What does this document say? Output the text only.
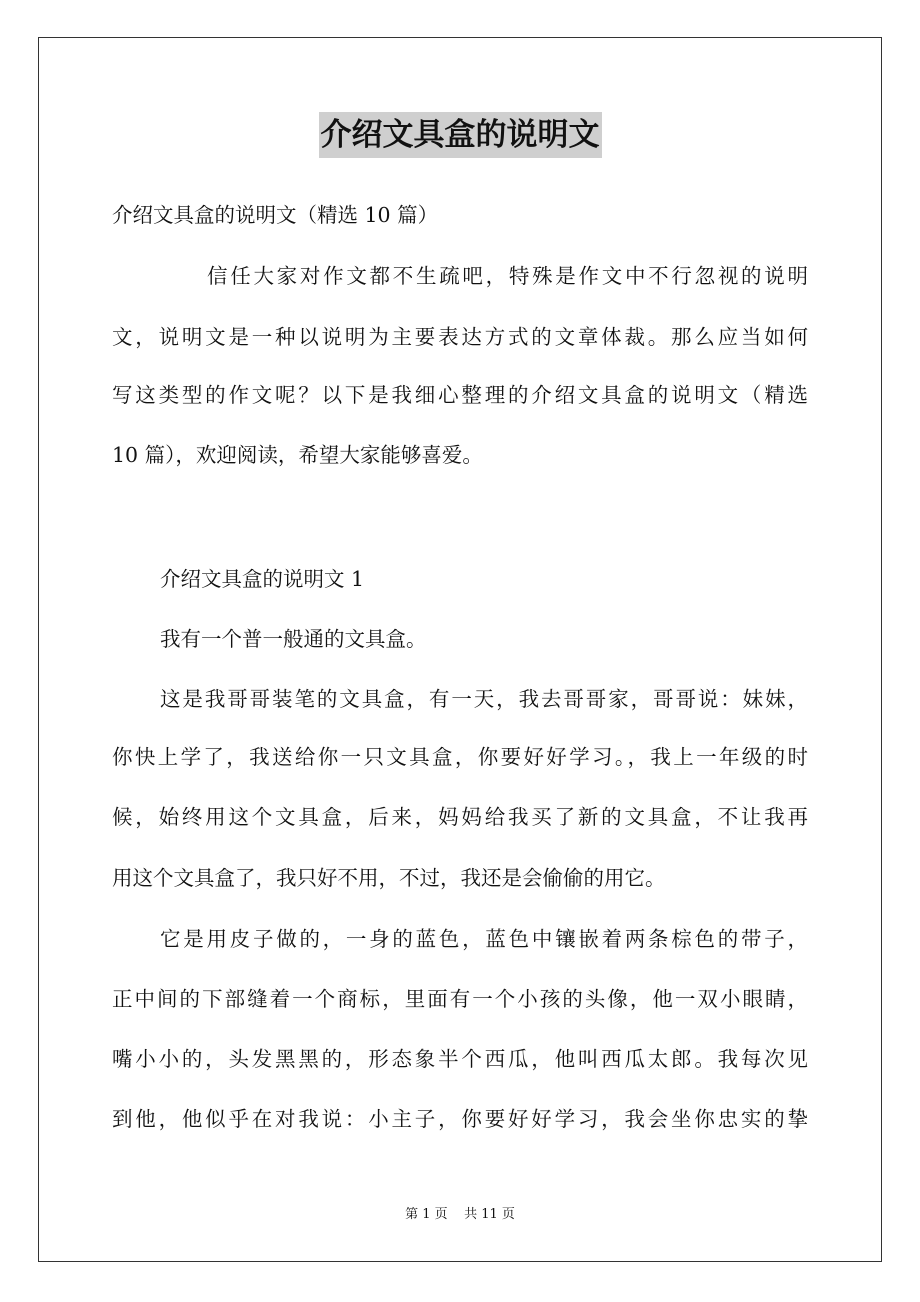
介绍文具盒的说明文
介绍文具盒的说明文（精选 10 篇）
信任大家对作文都不生疏吧，特殊是作文中不行忽视的说明
文，说明文是一种以说明为主要表达方式的文章体裁。那么应当如何
写这类型的作文呢？以下是我细心整理的介绍文具盒的说明文（精选
10 篇），欢迎阅读，希望大家能够喜爱。
介绍文具盒的说明文 1
我有一个普一般通的文具盒。
这是我哥哥装笔的文具盒，有一天，我去哥哥家，哥哥说：妹妹，
你快上学了，我送给你一只文具盒，你要好好学习。，我上一年级的时
候，始终用这个文具盒，后来，妈妈给我买了新的文具盒，不让我再
用这个文具盒了，我只好不用，不过，我还是会偷偷的用它。
它是用皮子做的，一身的蓝色，蓝色中镶嵌着两条棕色的带子，
正中间的下部缝着一个商标，里面有一个小孩的头像，他一双小眼睛，
嘴小小的，头发黑黑的，形态象半个西瓜，他叫西瓜太郎。我每次见
到他，他似乎在对我说：小主子，你要好好学习，我会坐你忠实的挚
第 1 页    共 11 页
